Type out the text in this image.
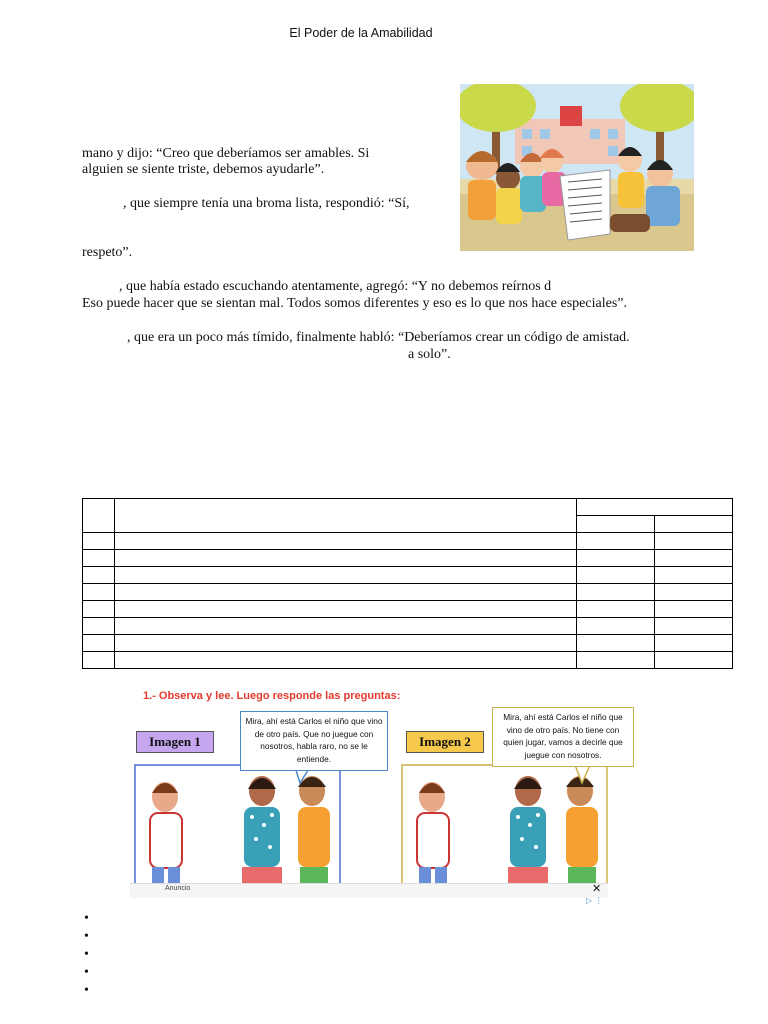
El Poder de la Amabilidad
mano y dijo: “Creo que deberíamos ser amables. Si
alguien se siente triste, debemos ayudarle”.
, que siempre tenía una broma lista, respondió: “Sí,
respeto”.
, que había estado escuchando atentamente, agregó: “Y no debemos reírnos d
Eso puede hacer que se sientan mal. Todos somos diferentes y eso es lo que nos hace especiales”.
, que era un poco más tímido, finalmente habló: “Deberíamos crear un código de amistad.
a solo”.

1.- Observa y lee. Luego responde las preguntas:
Imagen 1	Imagen 2
Mira, ahí está Carlos el niño que vino de otro país. Que no juegue con nosotros, habla raro, no se le entiende.
Mira, ahí está Carlos el niño que vino de otro país. No tiene con quien jugar, vamos a decirle que juegue con nosotros.
Anuncio	✕
▷ ⋮
•
•
•
•
•
